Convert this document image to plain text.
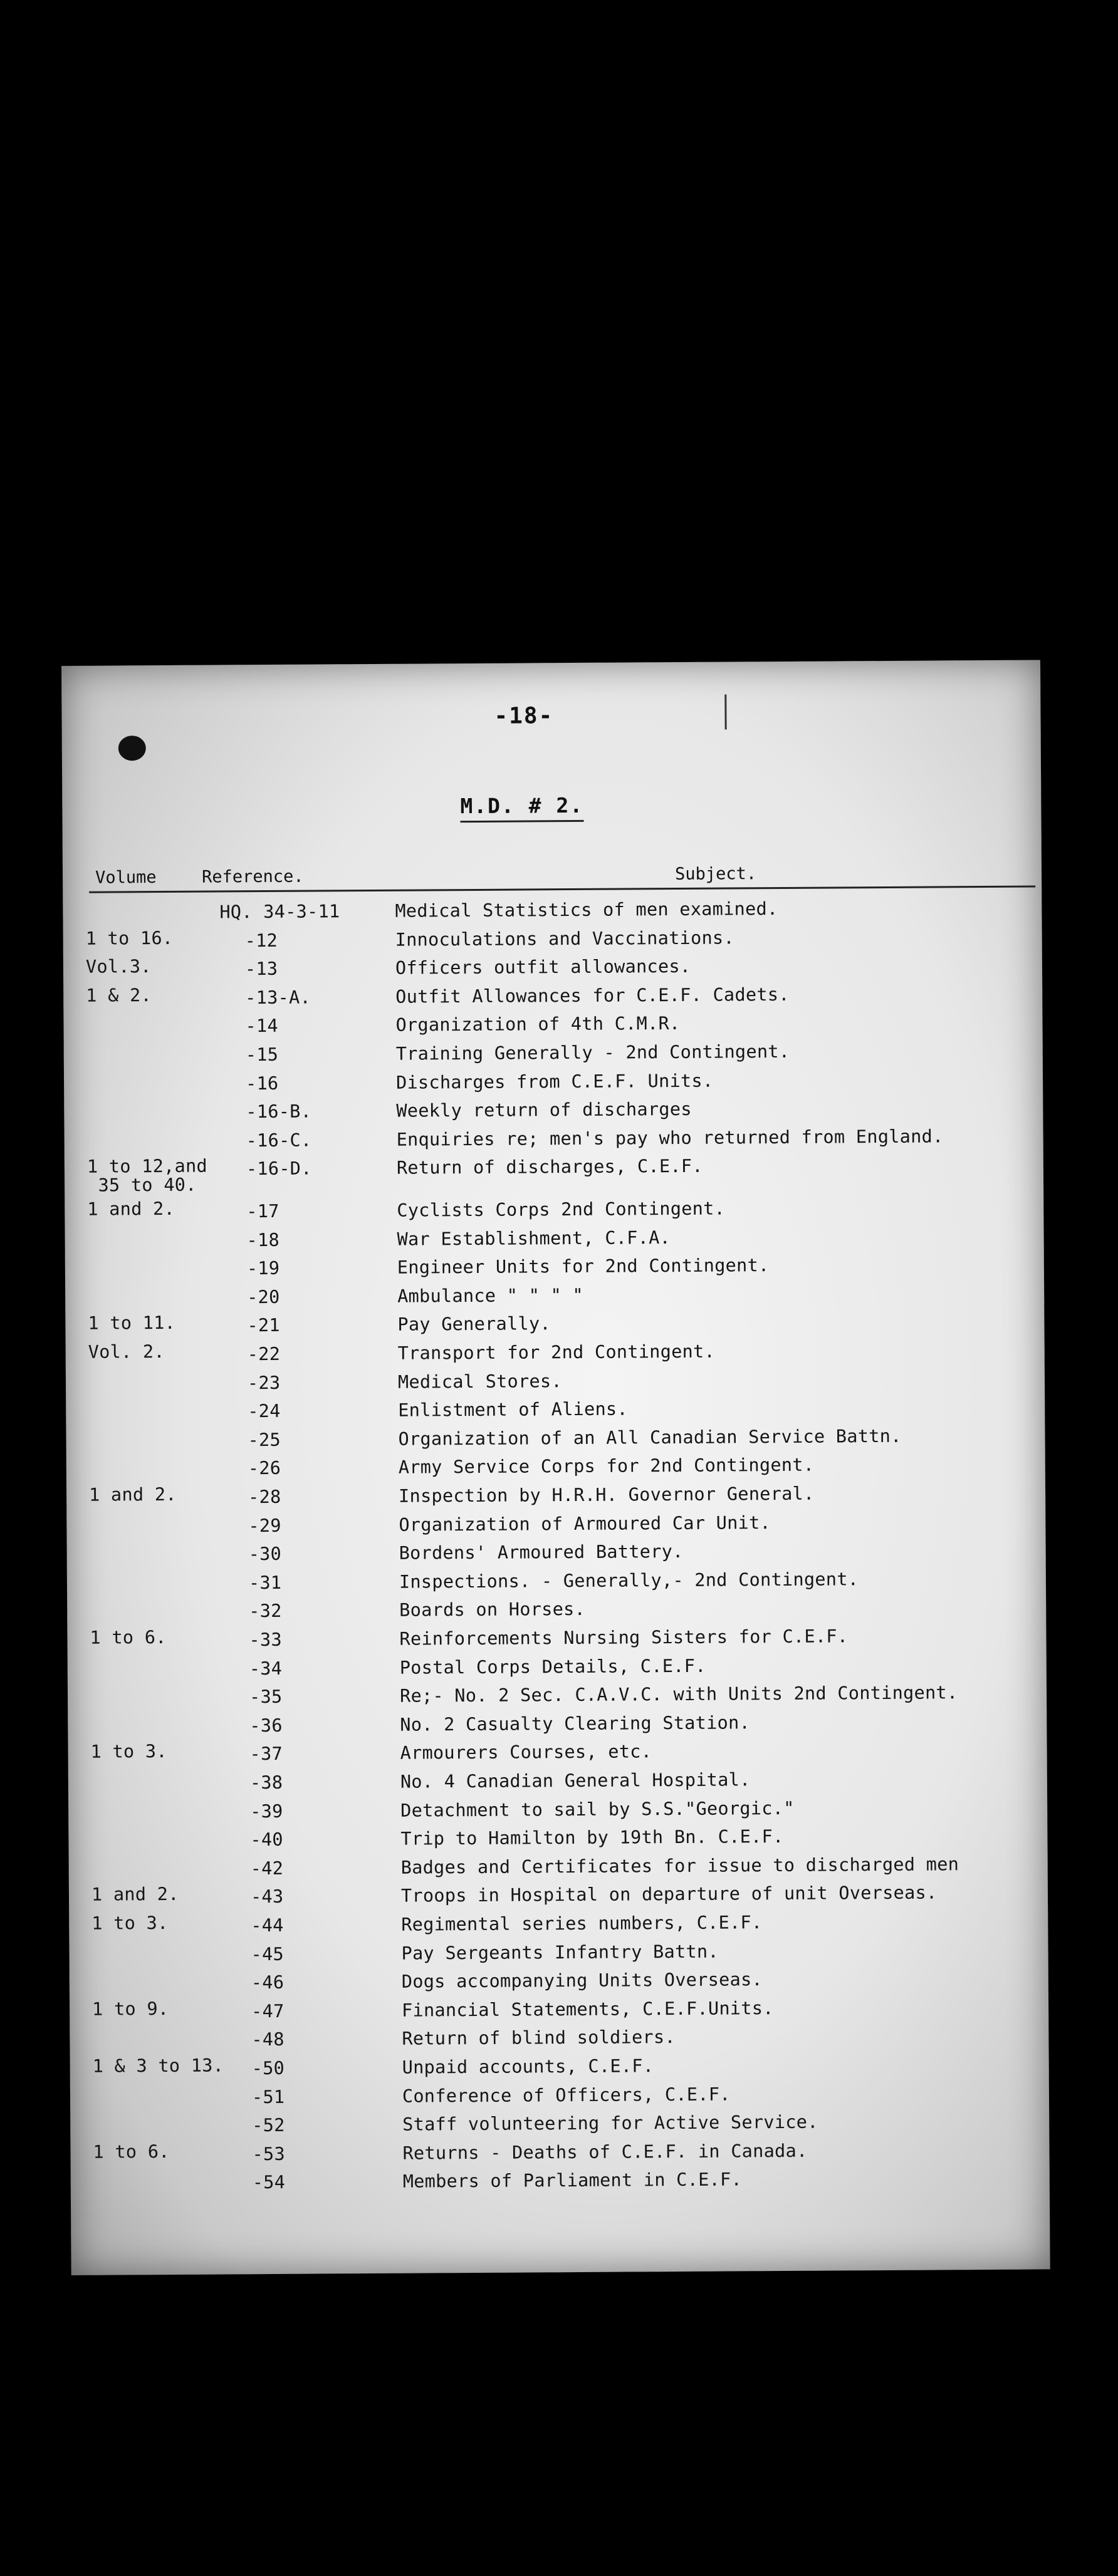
-18-
M.D. # 2.
Volume	Reference.	Subject.
HQ. 34-3-11	Medical Statistics of men examined.
1 to 16.	-12	Innoculations and Vaccinations.
Vol.3.	-13	Officers outfit allowances.
1 & 2.	-13-A.	Outfit Allowances for C.E.F. Cadets.
-14	Organization of 4th C.M.R.
-15	Training Generally - 2nd Contingent.
-16	Discharges from C.E.F. Units.
-16-B.	Weekly return of discharges
-16-C.	Enquiries re; men's pay who returned from England.
1 to 12,and
35 to 40.
-16-D.	Return of discharges, C.E.F.
1 and 2.	-17	Cyclists Corps 2nd Contingent.
-18	War Establishment, C.F.A.
-19	Engineer Units for 2nd Contingent.
-20	Ambulance " " " "
1 to 11.	-21	Pay Generally.
Vol. 2.	-22	Transport for 2nd Contingent.
-23	Medical Stores.
-24	Enlistment of Aliens.
-25	Organization of an All Canadian Service Battn.
-26	Army Service Corps for 2nd Contingent.
1 and 2.	-28	Inspection by H.R.H. Governor General.
-29	Organization of Armoured Car Unit.
-30	Bordens' Armoured Battery.
-31	Inspections. - Generally,- 2nd Contingent.
-32	Boards on Horses.
1 to 6.	-33	Reinforcements Nursing Sisters for C.E.F.
-34	Postal Corps Details, C.E.F.
-35	Re;- No. 2 Sec. C.A.V.C. with Units 2nd Contingent.
-36	No. 2 Casualty Clearing Station.
1 to 3.	-37	Armourers Courses, etc.
-38	No. 4 Canadian General Hospital.
-39	Detachment to sail by S.S."Georgic."
-40	Trip to Hamilton by 19th Bn. C.E.F.
-42	Badges and Certificates for issue to discharged men
1 and 2.	-43	Troops in Hospital on departure of unit Overseas.
1 to 3.	-44	Regimental series numbers, C.E.F.
-45	Pay Sergeants Infantry Battn.
-46	Dogs accompanying Units Overseas.
1 to 9.	-47	Financial Statements, C.E.F.Units.
-48	Return of blind soldiers.
1 & 3 to 13.	-50	Unpaid accounts, C.E.F.
-51	Conference of Officers, C.E.F.
-52	Staff volunteering for Active Service.
1 to 6.	-53	Returns - Deaths of C.E.F. in Canada.
-54	Members of Parliament in C.E.F.
